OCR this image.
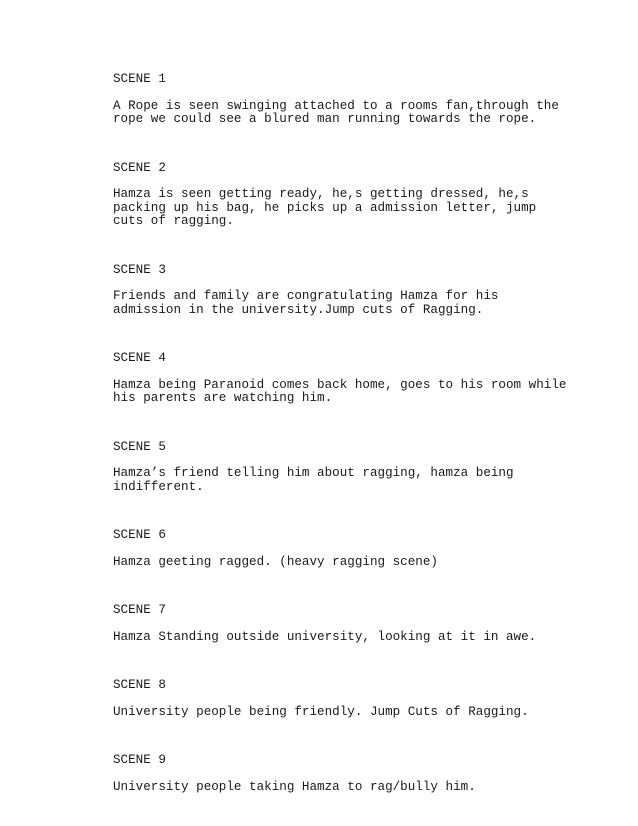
SCENE 1

A Rope is seen swinging attached to a rooms fan,through the
rope we could see a blured man running towards the rope.

SCENE 2

Hamza is seen getting ready, he,s getting dressed, he,s
packing up his bag, he picks up a admission letter, jump
cuts of ragging.

SCENE 3

Friends and family are congratulating Hamza for his
admission in the university.Jump cuts of Ragging.

SCENE 4

Hamza being Paranoid comes back home, goes to his room while
his parents are watching him.

SCENE 5

Hamza’s friend telling him about ragging, hamza being
indifferent.

SCENE 6

Hamza geeting ragged. (heavy ragging scene)

SCENE 7

Hamza Standing outside university, looking at it in awe.

SCENE 8

University people being friendly. Jump Cuts of Ragging.

SCENE 9

University people taking Hamza to rag/bully him.
